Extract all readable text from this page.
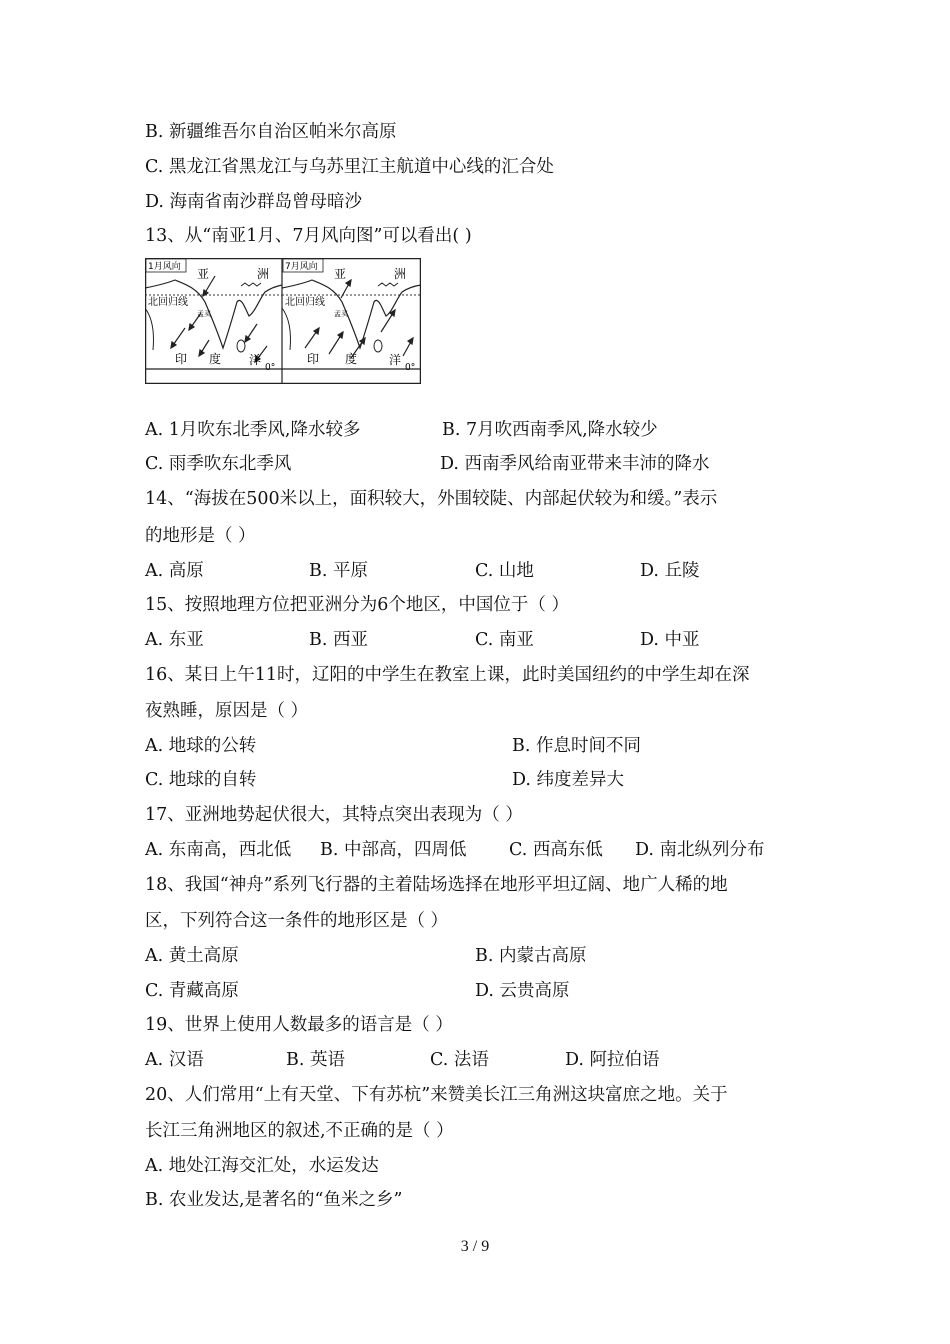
B. 新疆维吾尔自治区帕米尔高原
C. 黑龙江省黑龙江与乌苏里江主航道中心线的汇合处
D. 海南省南沙群岛曾母暗沙
13、从“南亚1月、7月风向图”可以看出( )
1月风向 亚	洲
北回归线
孟买
印 度 洋
0°
7月风向 亚	洲
北回归线
孟买
印 度	洋
0°
A. 1月吹东北季风,降水较多	B. 7月吹西南季风,降水较少
C. 雨季吹东北季风	D. 西南季风给南亚带来丰沛的降水
14、“海拔在500米以上，面积较大，外围较陡、内部起伏较为和缓。”表示
的地形是（ ）
A. 高原	B. 平原	C. 山地	D. 丘陵
15、按照地理方位把亚洲分为6个地区，中国位于（ ）
A. 东亚	B. 西亚	C. 南亚	D. 中亚
16、某日上午11时，辽阳的中学生在教室上课，此时美国纽约的中学生却在深
夜熟睡，原因是（ ）
A. 地球的公转	B. 作息时间不同
C. 地球的自转	D. 纬度差异大
17、亚洲地势起伏很大，其特点突出表现为（ ）
A. 东南高，西北低 B. 中部高，四周低 C. 西高东低 D. 南北纵列分布
18、我国“神舟”系列飞行器的主着陆场选择在地形平坦辽阔、地广人稀的地
区，下列符合这一条件的地形区是（ ）
A. 黄土高原	B. 内蒙古高原
C. 青藏高原	D. 云贵高原
19、世界上使用人数最多的语言是（ ）
A. 汉语	B. 英语	C. 法语	D. 阿拉伯语
20、人们常用“上有天堂、下有苏杭”来赞美长江三角洲这块富庶之地。关于
长江三角洲地区的叙述,不正确的是（ ）
A. 地处江海交汇处，水运发达
B. 农业发达,是著名的“鱼米之乡”
3 / 9
